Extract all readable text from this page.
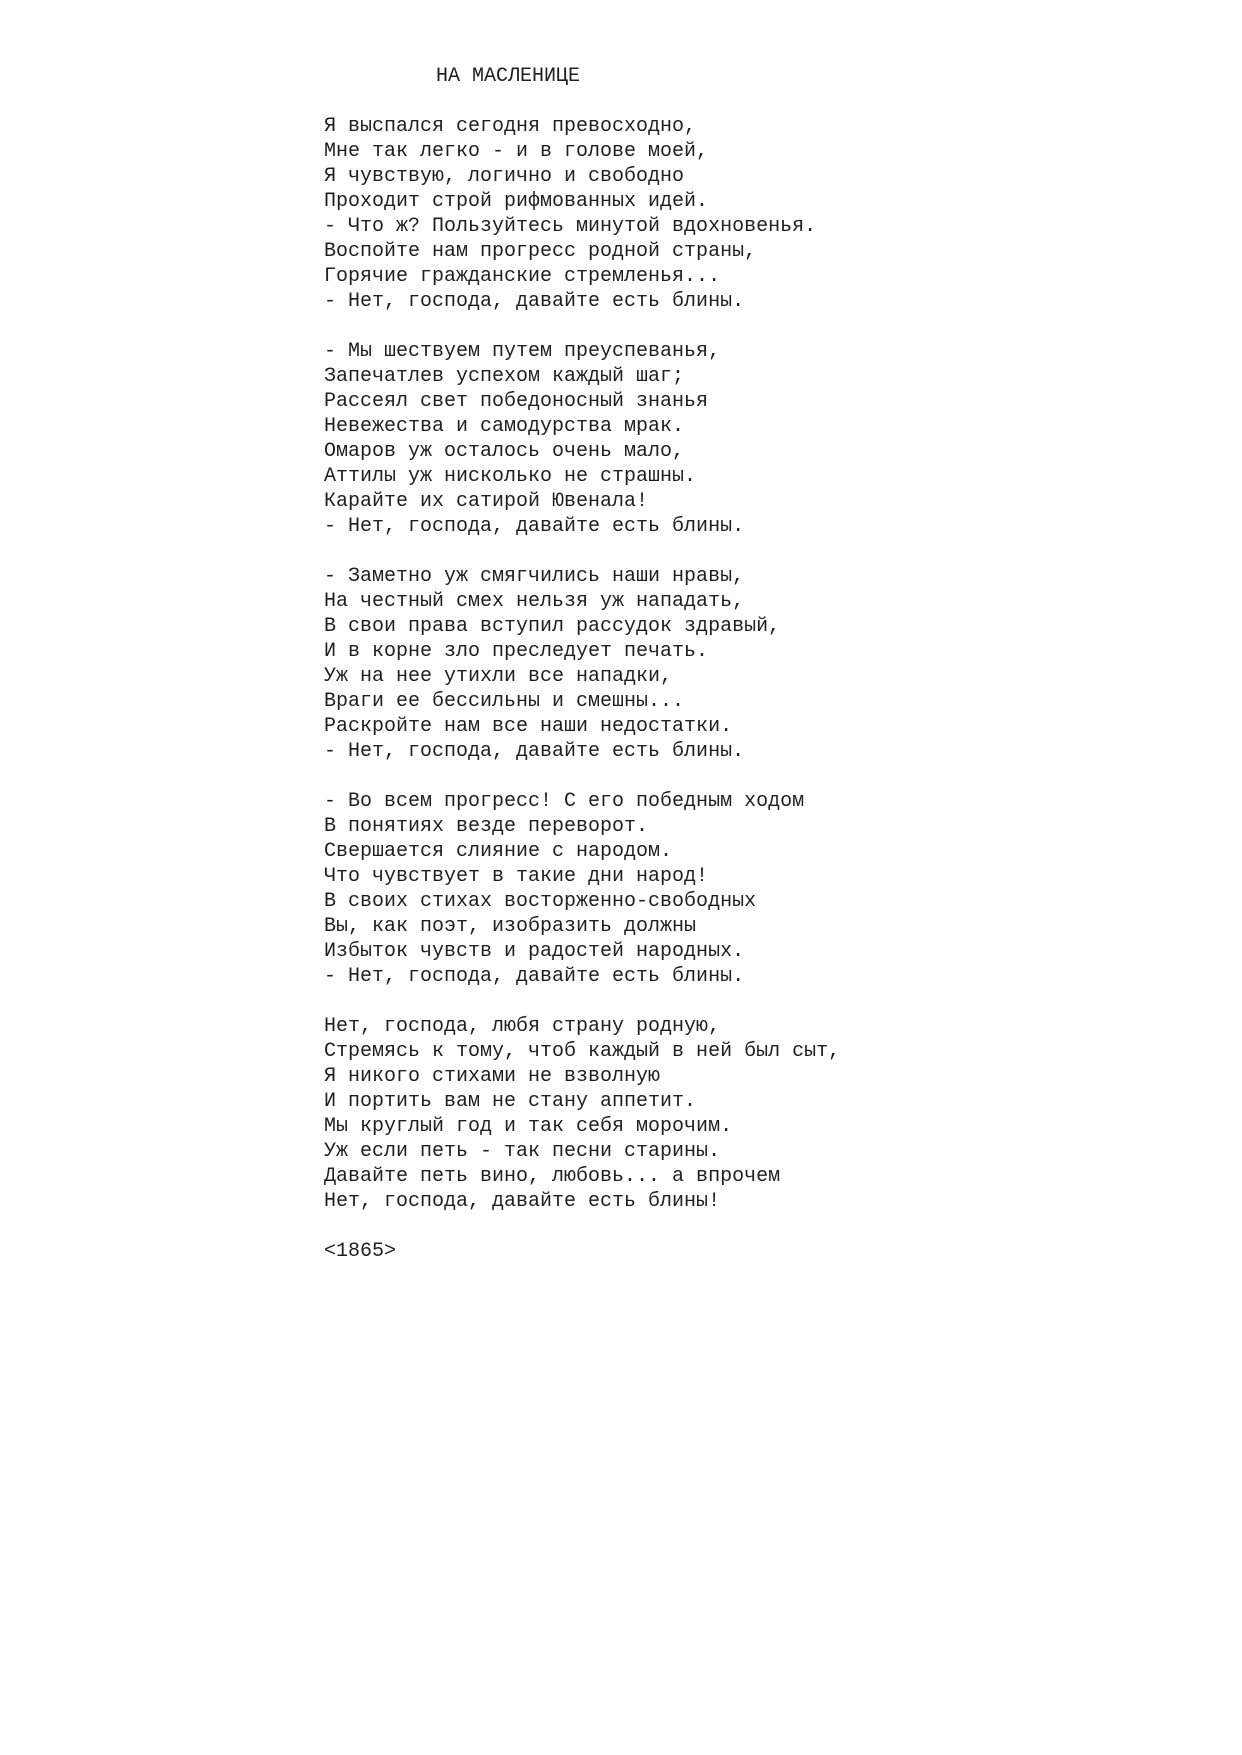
НА МАСЛЕНИЦЕ
Я выспался сегодня превосходно,
Мне так легко - и в голове моей,
Я чувствую, логично и свободно
Проходит строй рифмованных идей.
- Что ж? Пользуйтесь минутой вдохновенья.
Воспойте нам прогресс родной страны,
Горячие гражданские стремленья...
- Нет, господа, давайте есть блины.
- Мы шествуем путем преуспеванья,
Запечатлев успехом каждый шаг;
Рассеял свет победоносный знанья
Невежества и самодурства мрак.
Омаров уж осталось очень мало,
Аттилы уж нисколько не страшны.
Карайте их сатирой Ювенала!
- Нет, господа, давайте есть блины.
- Заметно уж смягчились наши нравы,
На честный смех нельзя уж нападать,
В свои права вступил рассудок здравый,
И в корне зло преследует печать.
Уж на нее утихли все нападки,
Враги ее бессильны и смешны...
Раскройте нам все наши недостатки.
- Нет, господа, давайте есть блины.
- Во всем прогресс! С его победным ходом
В понятиях везде переворот.
Свершается слияние с народом.
Что чувствует в такие дни народ!
В своих стихах восторженно-свободных
Вы, как поэт, изобразить должны
Избыток чувств и радостей народных.
- Нет, господа, давайте есть блины.
Нет, господа, любя страну родную,
Стремясь к тому, чтоб каждый в ней был сыт,
Я никого стихами не взволную
И портить вам не стану аппетит.
Мы круглый год и так себя морочим.
Уж если петь - так песни старины.
Давайте петь вино, любовь... а впрочем
Нет, господа, давайте есть блины!
<1865>
